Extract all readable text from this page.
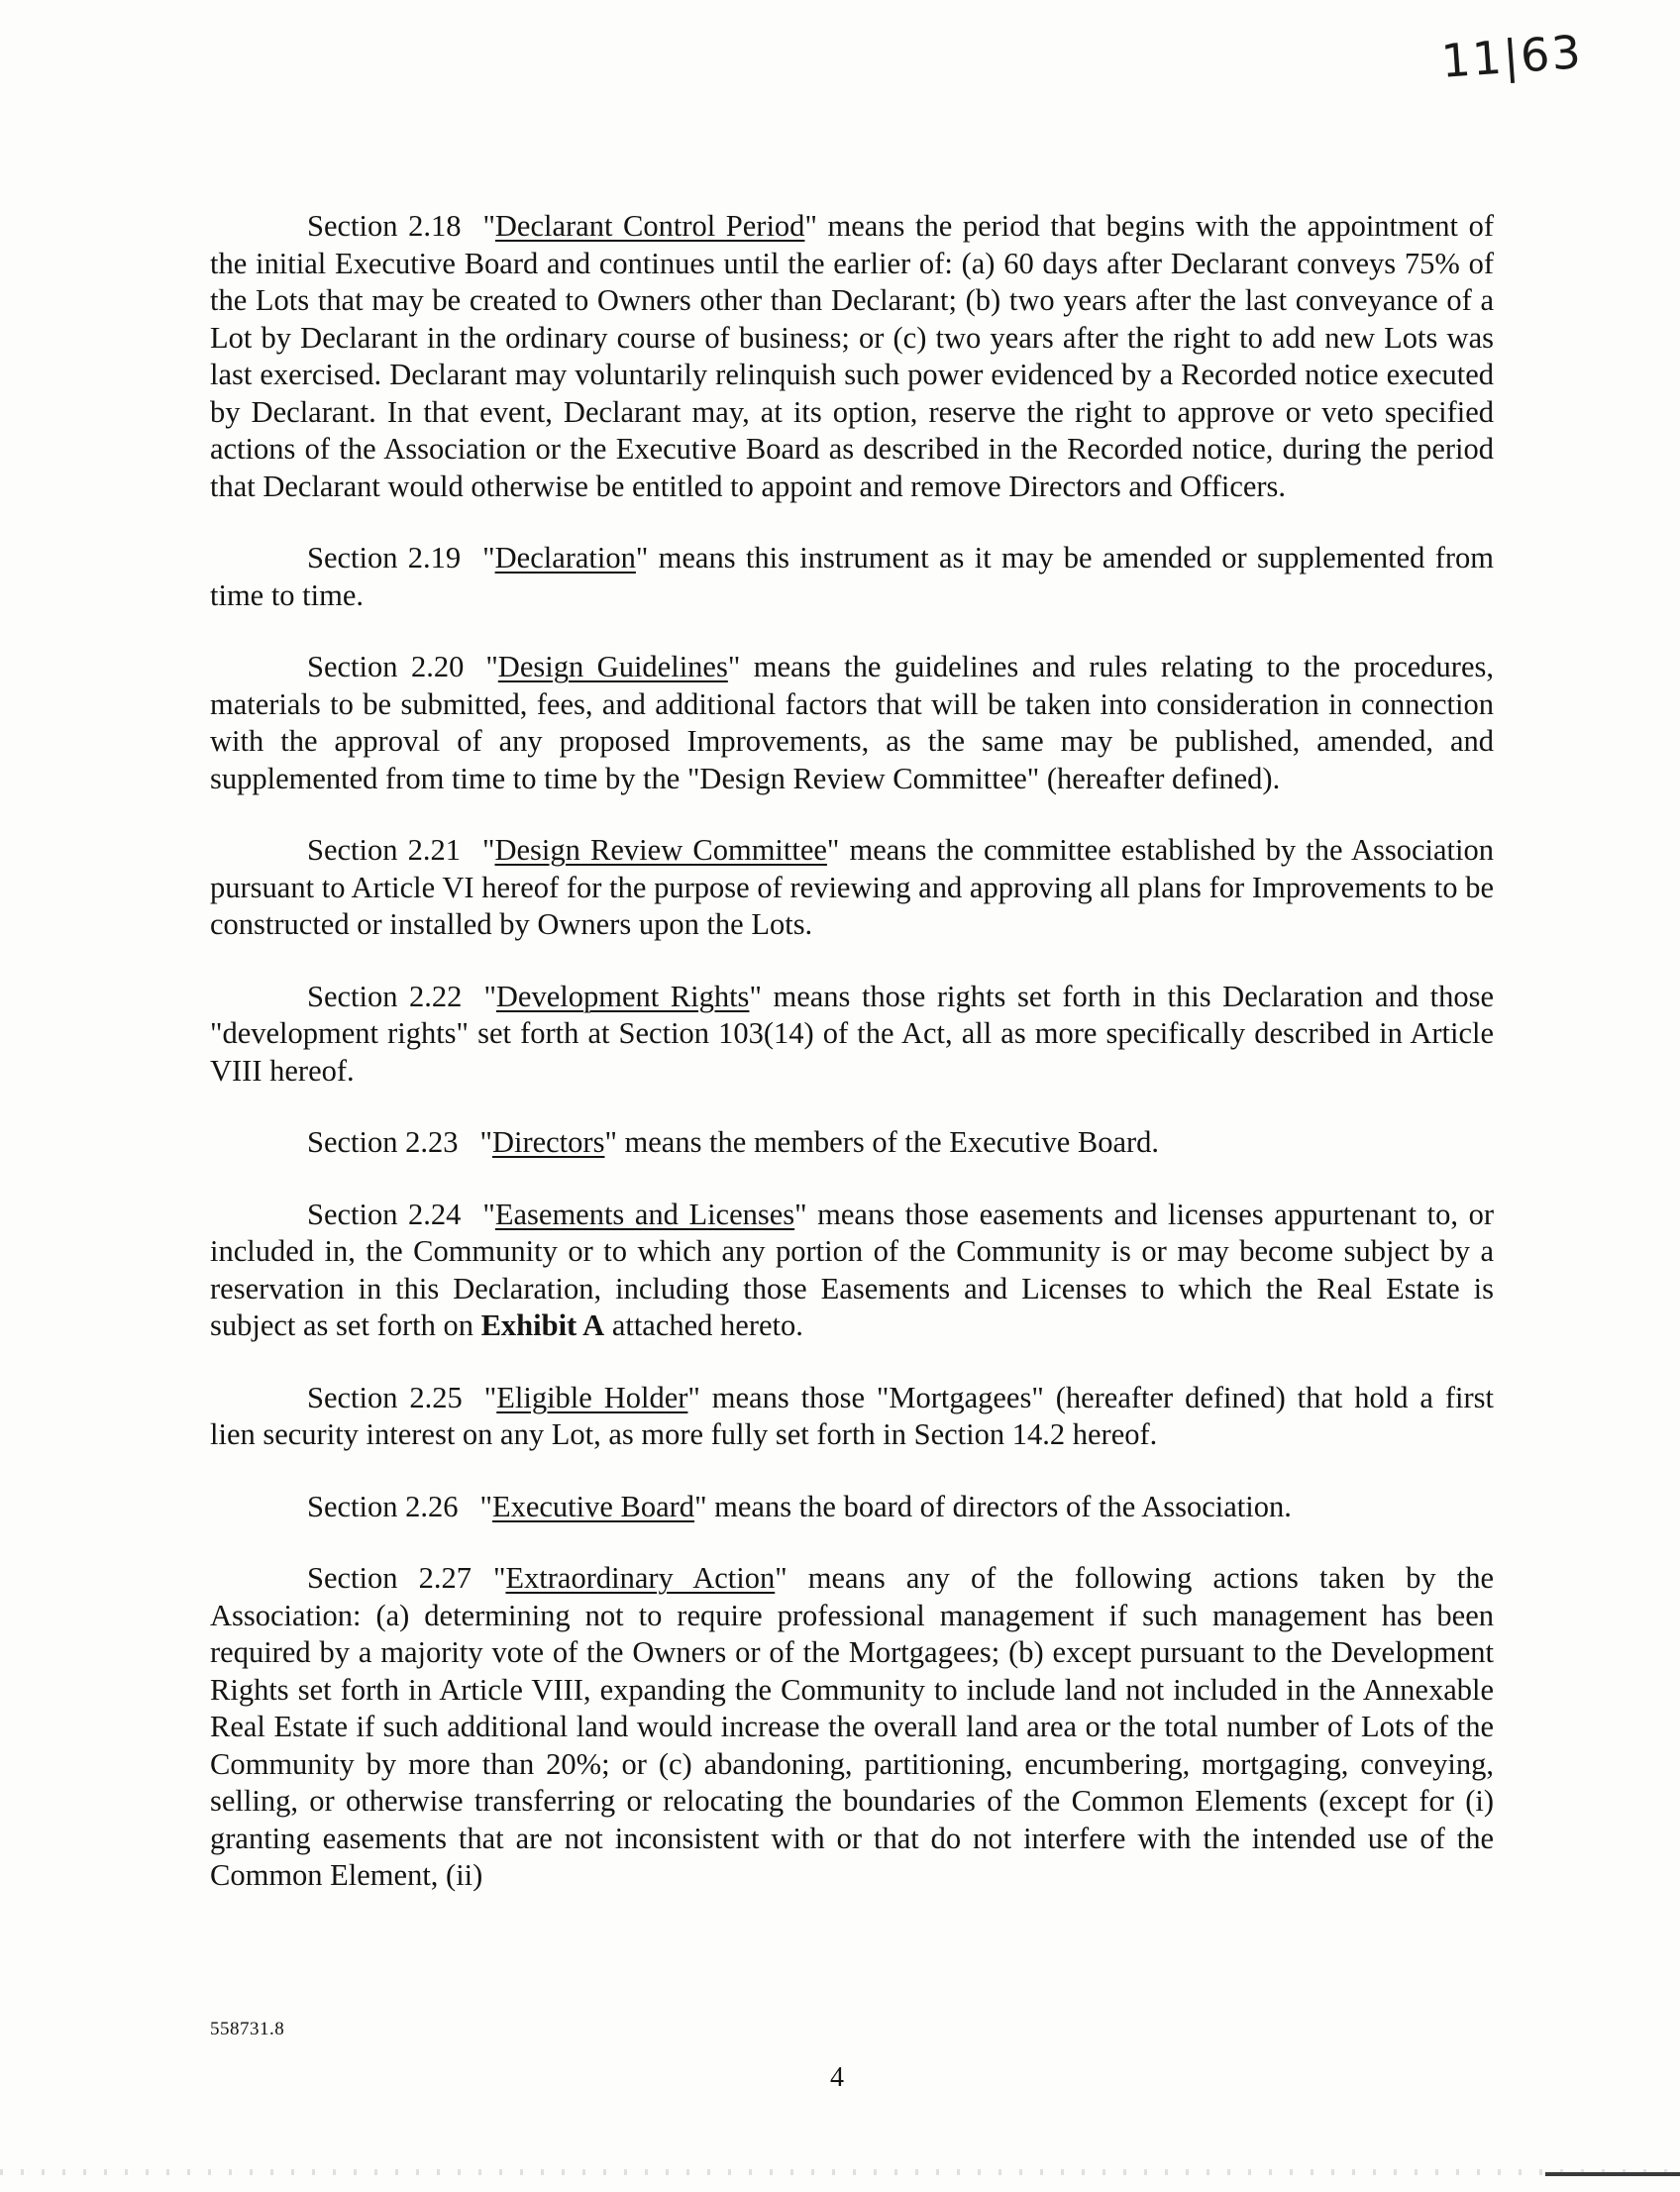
11|63

Section 2.18 "Declarant Control Period" means the period that begins with the appointment of the initial Executive Board and continues until the earlier of: (a) 60 days after Declarant conveys 75% of the Lots that may be created to Owners other than Declarant; (b) two years after the last conveyance of a Lot by Declarant in the ordinary course of business; or (c) two years after the right to add new Lots was last exercised. Declarant may voluntarily relinquish such power evidenced by a Recorded notice executed by Declarant. In that event, Declarant may, at its option, reserve the right to approve or veto specified actions of the Association or the Executive Board as described in the Recorded notice, during the period that Declarant would otherwise be entitled to appoint and remove Directors and Officers.

Section 2.19 "Declaration" means this instrument as it may be amended or supplemented from time to time.

Section 2.20 "Design Guidelines" means the guidelines and rules relating to the procedures, materials to be submitted, fees, and additional factors that will be taken into consideration in connection with the approval of any proposed Improvements, as the same may be published, amended, and supplemented from time to time by the "Design Review Committee" (hereafter defined).

Section 2.21 "Design Review Committee" means the committee established by the Association pursuant to Article VI hereof for the purpose of reviewing and approving all plans for Improvements to be constructed or installed by Owners upon the Lots.

Section 2.22 "Development Rights" means those rights set forth in this Declaration and those "development rights" set forth at Section 103(14) of the Act, all as more specifically described in Article VIII hereof.

Section 2.23 "Directors" means the members of the Executive Board.

Section 2.24 "Easements and Licenses" means those easements and licenses appurtenant to, or included in, the Community or to which any portion of the Community is or may become subject by a reservation in this Declaration, including those Easements and Licenses to which the Real Estate is subject as set forth on Exhibit A attached hereto.

Section 2.25 "Eligible Holder" means those "Mortgagees" (hereafter defined) that hold a first lien security interest on any Lot, as more fully set forth in Section 14.2 hereof.

Section 2.26 "Executive Board" means the board of directors of the Association.

Section 2.27 "Extraordinary Action" means any of the following actions taken by the Association: (a) determining not to require professional management if such management has been required by a majority vote of the Owners or of the Mortgagees; (b) except pursuant to the Development Rights set forth in Article VIII, expanding the Community to include land not included in the Annexable Real Estate if such additional land would increase the overall land area or the total number of Lots of the Community by more than 20%; or (c) abandoning, partitioning, encumbering, mortgaging, conveying, selling, or otherwise transferring or relocating the boundaries of the Common Elements (except for (i) granting easements that are not inconsistent with or that do not interfere with the intended use of the Common Element, (ii)

558731.8
4
